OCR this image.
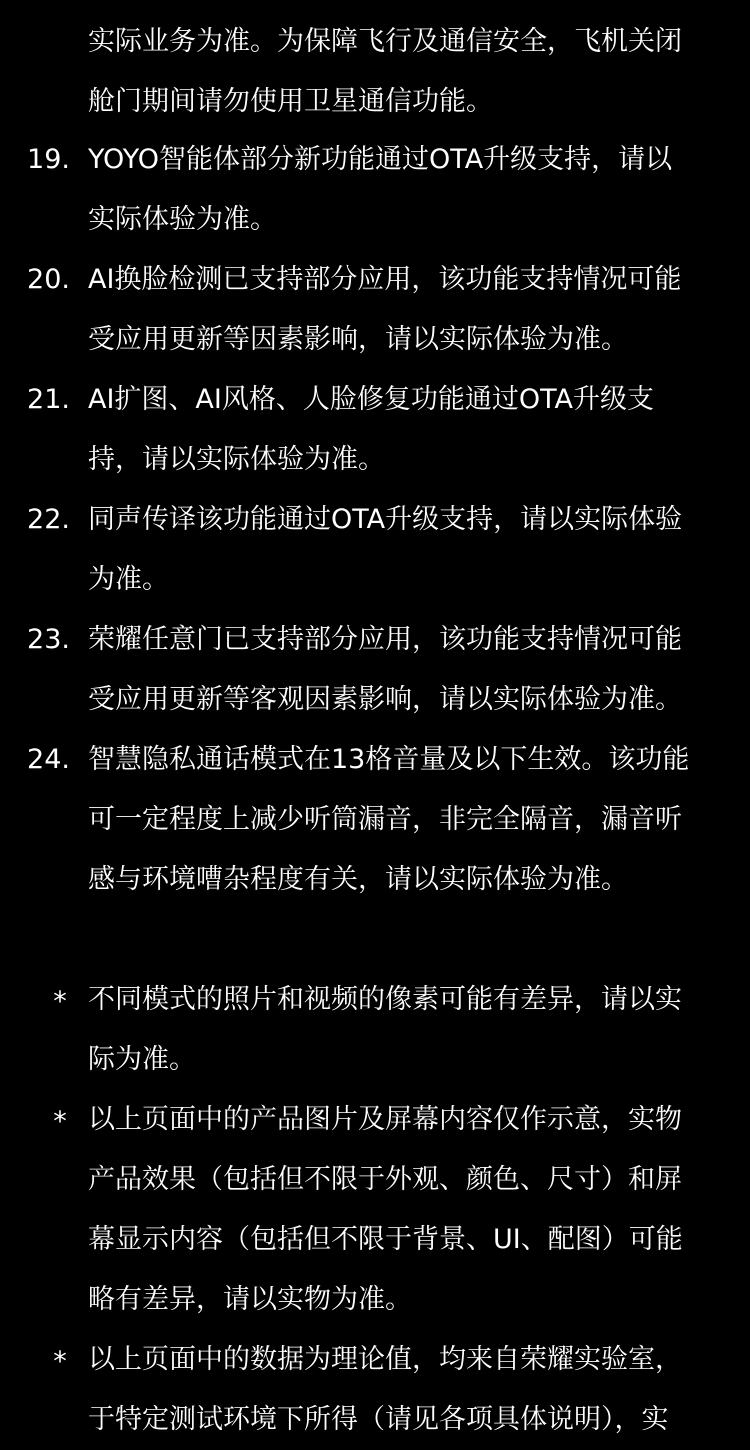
实际业务为准。为保障飞行及通信安全，飞机关闭
舱门期间请勿使用卫星通信功能。
19. YOYO智能体部分新功能通过OTA升级支持，请以
实际体验为准。
20. AI换脸检测已支持部分应用，该功能支持情况可能
受应用更新等因素影响，请以实际体验为准。
21. AI扩图、AI风格、人脸修复功能通过OTA升级支
持，请以实际体验为准。
22. 同声传译该功能通过OTA升级支持，请以实际体验
为准。
23. 荣耀任意门已支持部分应用，该功能支持情况可能
受应用更新等客观因素影响，请以实际体验为准。
24. 智慧隐私通话模式在13格音量及以下生效。该功能
可一定程度上减少听筒漏音，非完全隔音，漏音听
感与环境嘈杂程度有关，请以实际体验为准。
* 不同模式的照片和视频的像素可能有差异，请以实
际为准。
* 以上页面中的产品图片及屏幕内容仅作示意，实物
产品效果（包括但不限于外观、颜色、尺寸）和屏
幕显示内容（包括但不限于背景、UI、配图）可能
略有差异，请以实物为准。
* 以上页面中的数据为理论值，均来自荣耀实验室，
于特定测试环境下所得（请见各项具体说明），实
